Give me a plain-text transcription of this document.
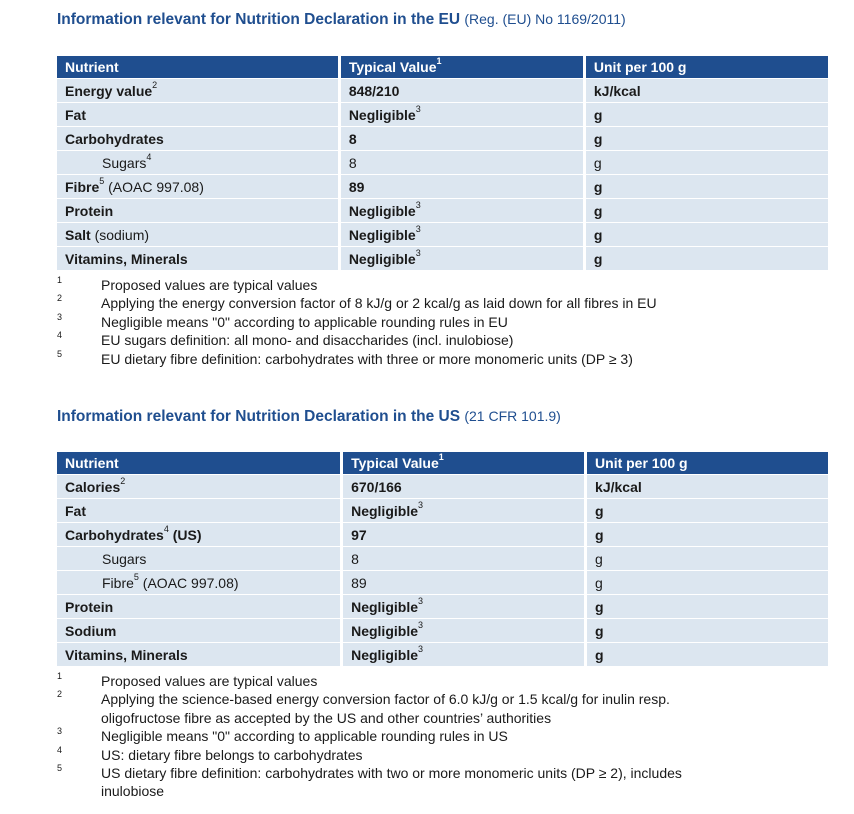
Information relevant for Nutrition Declaration in the EU (Reg. (EU) No 1169/2011)
Nutrient	Typical Value$^1$	Unit per 100 g
Energy value$^2$	848/210	kJ/kcal
Fat	Negligible$^3$	g
Carbohydrates	8	g
Sugars$^4$	8	g
Fibre$^5$ (AOAC 997.08)	89	g
Protein	Negligible$^3$	g
Salt (sodium)	Negligible$^3$	g
Vitamins, Minerals	Negligible$^3$	g
1	Proposed values are typical values
2	Applying the energy conversion factor of 8 kJ/g or 2 kcal/g as laid down for all fibres in EU
3	Negligible means "0" according to applicable rounding rules in EU
4	EU sugars definition: all mono- and disaccharides (incl. inulobiose)
5	EU dietary fibre definition: carbohydrates with three or more monomeric units (DP ≥ 3)
Information relevant for Nutrition Declaration in the US (21 CFR 101.9)
Nutrient	Typical Value$^1$	Unit per 100 g
Calories$^2$	670/166	kJ/kcal
Fat	Negligible$^3$	g
Carbohydrates$^4$ (US)	97	g
Sugars	8	g
Fibre$^5$ (AOAC 997.08)	89	g
Protein	Negligible$^3$	g
Sodium	Negligible$^3$	g
Vitamins, Minerals	Negligible$^3$	g
1	Proposed values are typical values
2	Applying the science-based energy conversion factor of 6.0 kJ/g or 1.5 kcal/g for inulin resp.
oligofructose fibre as accepted by the US and other countries’ authorities
3	Negligible means "0" according to applicable rounding rules in US
4	US: dietary fibre belongs to carbohydrates
5	US dietary fibre definition: carbohydrates with two or more monomeric units (DP ≥ 2), includes
inulobiose
